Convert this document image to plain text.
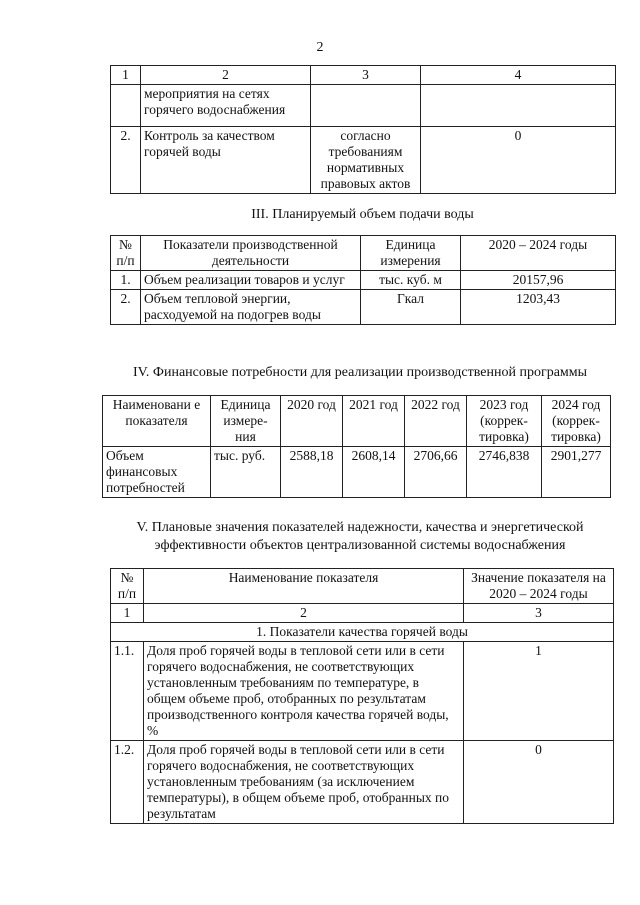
2
1	2	3	4
	мероприятия на сетях горячего водоснабжения		
2.	Контроль за качеством горячей воды	согласно требованиям нормативных правовых актов	0
III. Планируемый объем подачи воды
№ п/п	Показатели производственной деятельности	Единица измерения	2020 – 2024 годы
1.	Объем реализации товаров и услуг	тыс. куб. м	20157,96
2.	Объем тепловой энергии, расходуемой на подогрев воды	Гкал	1203,43
IV. Финансовые потребности для реализации производственной программы
Наименовани е показателя	Единица измере- ния	2020 год	2021 год	2022 год	2023 год (коррек- тировка)	2024 год (коррек- тировка)
Объем финансовых потребностей	тыс. руб.	2588,18	2608,14	2706,66	2746,838	2901,277
V. Плановые значения показателей надежности, качества и энергетической
эффективности объектов централизованной системы водоснабжения
№ п/п	Наименование показателя	Значение показателя на 2020 – 2024 годы
1	2	3
1. Показатели качества горячей воды		
1.1.	Доля проб горячей воды в тепловой сети или в сети горячего водоснабжения, не соответствующих установленным требованиям по температуре, в общем объеме проб, отобранных по результатам производственного контроля качества горячей воды, %	1
1.2.	Доля проб горячей воды в тепловой сети или в сети горячего водоснабжения, не соответствующих установленным требованиям (за исключением температуры), в общем объеме проб, отобранных по результатам	0
